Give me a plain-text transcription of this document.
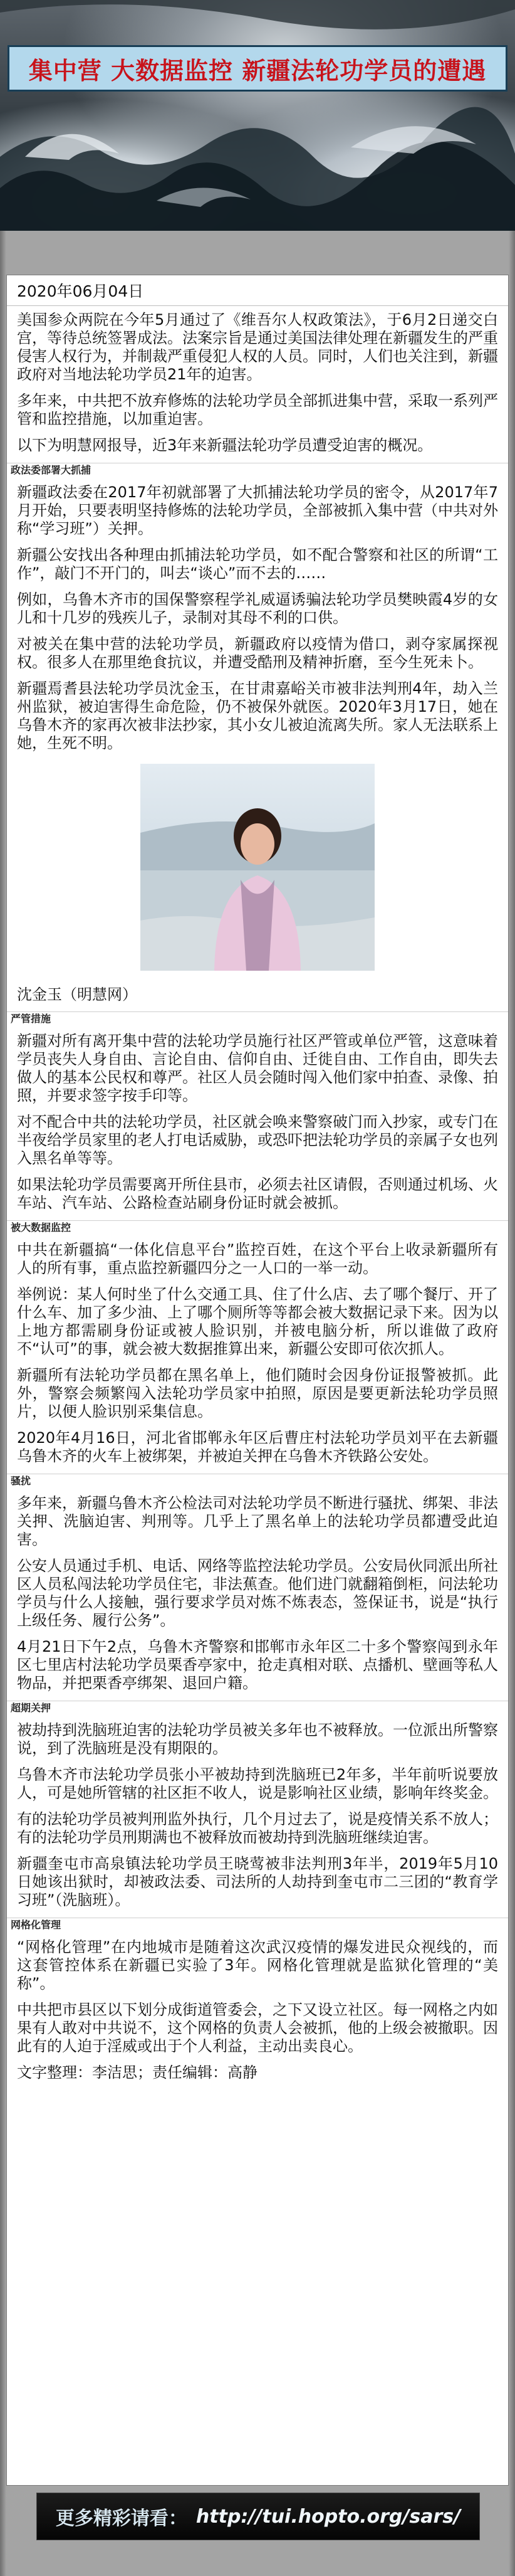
集中营 大数据监控 新疆法轮功学员的遭遇
2020年06月04日

美国参众两院在今年5月通过了《维吾尔人权政策法》，于6月2日递交白宫，等待总统签署成法。法案宗旨是通过美国法律处理在新疆发生的严重侵害人权行为，并制裁严重侵犯人权的人员。同时，人们也关注到，新疆政府对当地法轮功学员21年的迫害。

多年来，中共把不放弃修炼的法轮功学员全部抓进集中营，采取一系列严管和监控措施，以加重迫害。

以下为明慧网报导，近3年来新疆法轮功学员遭受迫害的概况。

政法委部署大抓捕

新疆政法委在2017年初就部署了大抓捕法轮功学员的密令，从2017年7月开始，只要表明坚持修炼的法轮功学员，全部被抓入集中营（中共对外称“学习班”）关押。

新疆公安找出各种理由抓捕法轮功学员，如不配合警察和社区的所谓“工作”，敲门不开门的，叫去“谈心”而不去的……

例如，乌鲁木齐市的国保警察程学礼威逼诱骗法轮功学员樊映霞4岁的女儿和十几岁的残疾儿子，录制对其母不利的口供。

对被关在集中营的法轮功学员，新疆政府以疫情为借口，剥夺家属探视权。很多人在那里绝食抗议，并遭受酷刑及精神折磨，至今生死未卜。

新疆焉耆县法轮功学员沈金玉，在甘肃嘉峪关市被非法判刑4年，劫入兰州监狱，被迫害得生命危险，仍不被保外就医。2020年3月17日，她在乌鲁木齐的家再次被非法抄家，其小女儿被迫流离失所。家人无法联系上她，生死不明。

沈金玉（明慧网）
严管措施

新疆对所有离开集中营的法轮功学员施行社区严管或单位严管，这意味着学员丧失人身自由、言论自由、信仰自由、迁徙自由、工作自由，即失去做人的基本公民权和尊严。社区人员会随时闯入他们家中拍查、录像、拍照，并要求签字按手印等。

对不配合中共的法轮功学员，社区就会唤来警察破门而入抄家，或专门在半夜给学员家里的老人打电话威胁，或恐吓把法轮功学员的亲属子女也列入黑名单等等。

如果法轮功学员需要离开所住县市，必须去社区请假，否则通过机场、火车站、汽车站、公路检查站刷身份证时就会被抓。

被大数据监控

中共在新疆搞“一体化信息平台”监控百姓，在这个平台上收录新疆所有人的所有事，重点监控新疆四分之一人口的一举一动。

举例说：某人何时坐了什么交通工具、住了什么店、去了哪个餐厅、开了什么车、加了多少油、上了哪个厕所等等都会被大数据记录下来。因为以上地方都需刷身份证或被人脸识别，并被电脑分析，所以谁做了政府不“认可”的事，就会被大数据推算出来，新疆公安即可依次抓人。

新疆所有法轮功学员都在黑名单上，他们随时会因身份证报警被抓。此外，警察会频繁闯入法轮功学员家中拍照，原因是要更新法轮功学员照片，以便人脸识别采集信息。

2020年4月16日，河北省邯郸永年区后曹庄村法轮功学员刘平在去新疆乌鲁木齐的火车上被绑架，并被迫关押在乌鲁木齐铁路公安处。

骚扰

多年来，新疆乌鲁木齐公检法司对法轮功学员不断进行骚扰、绑架、非法关押、洗脑迫害、判刑等。几乎上了黑名单上的法轮功学员都遭受此迫害。

公安人员通过手机、电话、网络等监控法轮功学员。公安局伙同派出所社区人员私闯法轮功学员住宅，非法蕉查。他们进门就翻箱倒柜，问法轮功学员与什么人接触，强行要求学员对炼不炼表态，签保证书，说是“执行上级任务、履行公务”。

4月21日下午2点，乌鲁木齐警察和邯郸市永年区二十多个警察闯到永年区七里店村法轮功学员栗香亭家中，抢走真相对联、点播机、壁画等私人物品，并把栗香亭绑架、退回户籍。

超期关押

被劫持到洗脑班迫害的法轮功学员被关多年也不被释放。一位派出所警察说，到了洗脑班是没有期限的。

乌鲁木齐市法轮功学员张小平被劫持到洗脑班已2年多，半年前听说要放人，可是她所管辖的社区拒不收人，说是影响社区业绩，影响年终奖金。

有的法轮功学员被判刑监外执行，几个月过去了，说是疫情关系不放人；有的法轮功学员刑期满也不被释放而被劫持到洗脑班继续迫害。

新疆奎屯市高泉镇法轮功学员王晓莺被非法判刑3年半，2019年5月10日她该出狱时，却被政法委、司法所的人劫持到奎屯市二三团的“教育学习班”（洗脑班）。

网格化管理

“网格化管理”在内地城市是随着这次武汉疫情的爆发进民众视线的，而这套管控体系在新疆已实验了3年。网格化管理就是监狱化管理的“美称”。

中共把市县区以下划分成街道管委会，之下又设立社区。每一网格之内如果有人敢对中共说不，这个网格的负责人会被抓，他的上级会被撤职。因此有的人迫于淫威或出于个人利益，主动出卖良心。

文字整理：李洁思；责任编辑：高静

更多精彩请看： http://tui.hopto.org/sars/
